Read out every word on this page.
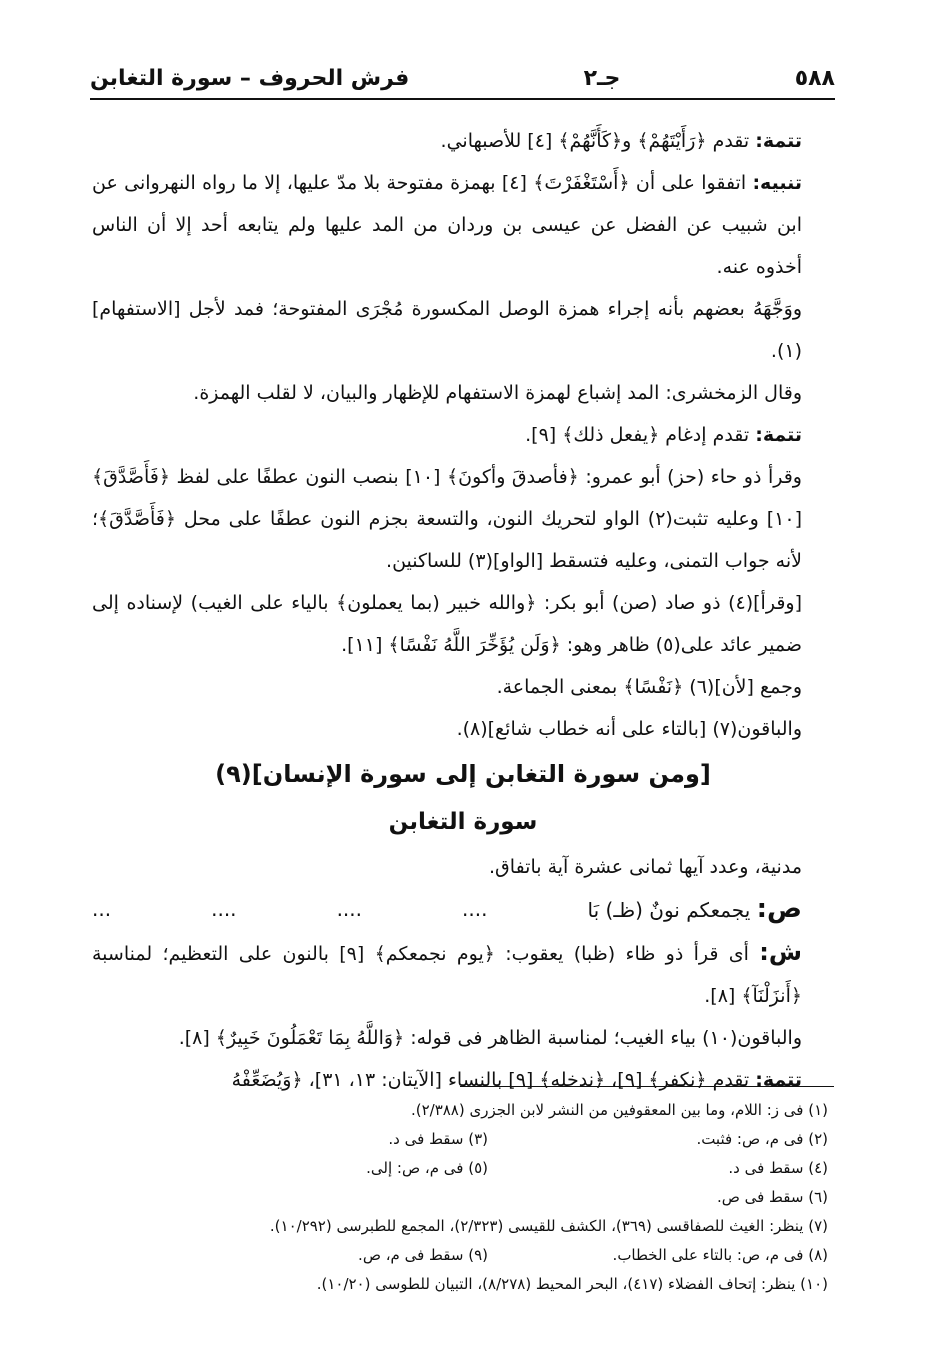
٥٨٨
جـ٢
فرش الحروف – سورة التغابن

تتمة: تقدم ﴿رَأَيْتَهُمْ﴾ و﴿كَأَنَّهُمْ﴾ [٤] للأصبهاني.

تنبيه: اتفقوا على أن ﴿أَسْتَغْفَرْتَ﴾ [٤] بهمزة مفتوحة بلا مدّ عليها، إلا ما رواه النهروانى عن ابن شبيب عن الفضل عن عيسى بن وردان من المد عليها ولم يتابعه أحد إلا أن الناس أخذوه عنه.

ووَجَّهَهُ بعضهم بأنه إجراء همزة الوصل المكسورة مُجْرَى المفتوحة؛ فمد لأجل [الاستفهام](١).

وقال الزمخشرى: المد إشباع لهمزة الاستفهام للإظهار والبيان، لا لقلب الهمزة.

تتمة: تقدم إدغام ﴿يفعل ذلك﴾ [٩].

وقرأ ذو حاء (حز) أبو عمرو: ﴿فأصدقَ وأكونَ﴾ [١٠] بنصب النون عطفًا على لفظ ﴿فَأَصَّدَّقَ﴾ [١٠] وعليه تثبت(٢) الواو لتحريك النون، والتسعة بجزم النون عطفًا على محل ﴿فَأَصَّدَّقَ﴾؛ لأنه جواب التمنى، وعليه فتسقط [الواو](٣) للساكنين.

[وقرأ](٤) ذو صاد (صن) أبو بكر: ﴿والله خبير (بما يعملون﴾ بالياء على الغيب) لإسناده إلى ضمير عائد على(٥) ظاهر وهو: ﴿وَلَن يُؤَخِّرَ اللَّهُ نَفْسًا﴾ [١١].

وجمع [لأن](٦) ﴿نَفْسًا﴾ بمعنى الجماعة.

والباقون(٧) [بالتاء على أنه خطاب شائع](٨).

[ومن سورة التغابن إلى سورة الإنسان](٩)

سورة التغابن

مدنية، وعدد آيها ثمانى عشرة آية باتفاق.

ص: يجمعكم نونٌ (ظـ) بَا
....
....
....
...

ش: أى قرأ ذو ظاء (ظبا) يعقوب: ﴿يوم نجمعكم﴾ [٩] بالنون على التعظيم؛ لمناسبة ﴿أَنزَلْنَآ﴾ [٨].

والباقون(١٠) بياء الغيب؛ لمناسبة الظاهر فى قوله: ﴿وَاللَّهُ بِمَا تَعْمَلُونَ خَبِيرٌ﴾ [٨].

تتمة: تقدم ﴿نكفر﴾ [٩]، ﴿ندخله﴾ [٩] بالنساء [الآيتان: ١٣، ٣١]، ﴿وَيُضَعِّفْهُ

(١) فى ز: اللام، وما بين المعقوفين من النشر لابن الجزرى (٢/٣٨٨).

(٢) فى م، ص: فثبت.
(٣) سقط فى د.

(٤) سقط فى د.
(٥) فى م، ص: إلى.

(٦) سقط فى ص.

(٧) ينظر: الغيث للصفاقسى (٣٦٩)، الكشف للقيسى (٢/٣٢٣)، المجمع للطبرسى (١٠/٢٩٢).

(٨) فى م، ص: بالتاء على الخطاب.
(٩) سقط فى م، ص.

(١٠) ينظر: إتحاف الفضلاء (٤١٧)، البحر المحيط (٨/٢٧٨)، التبيان للطوسى (١٠/٢٠).
